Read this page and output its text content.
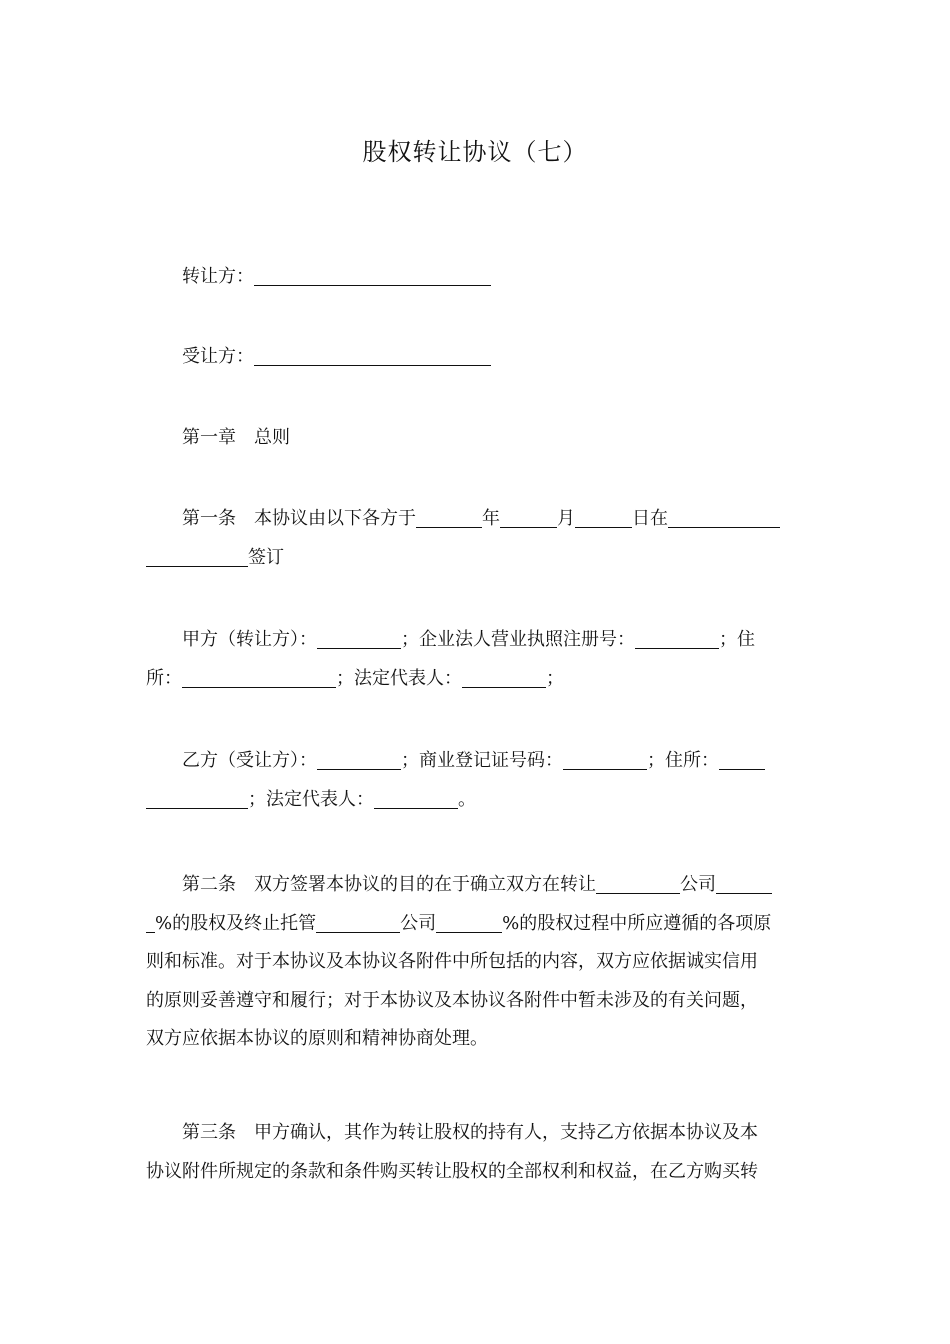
股权转让协议（七）
转让方：
受让方：
第一章　总则
第一条　本协议由以下各方于	年	月	日在
签订
甲方（转让方）：	；企业法人营业执照注册号：	；住
所：	；法定代表人：	；
乙方（受让方）：	；商业登记证号码：	；住所：
；法定代表人：	。
第二条　双方签署本协议的目的在于确立双方在转让	公司
%的股权及终止托管	公司	%的股权过程中所应遵循的各项原
则和标准。对于本协议及本协议各附件中所包括的内容，双方应依据诚实信用
的原则妥善遵守和履行；对于本协议及本协议各附件中暂未涉及的有关问题，
双方应依据本协议的原则和精神协商处理。
第三条　甲方确认，其作为转让股权的持有人，支持乙方依据本协议及本
协议附件所规定的条款和条件购买转让股权的全部权利和权益，在乙方购买转
